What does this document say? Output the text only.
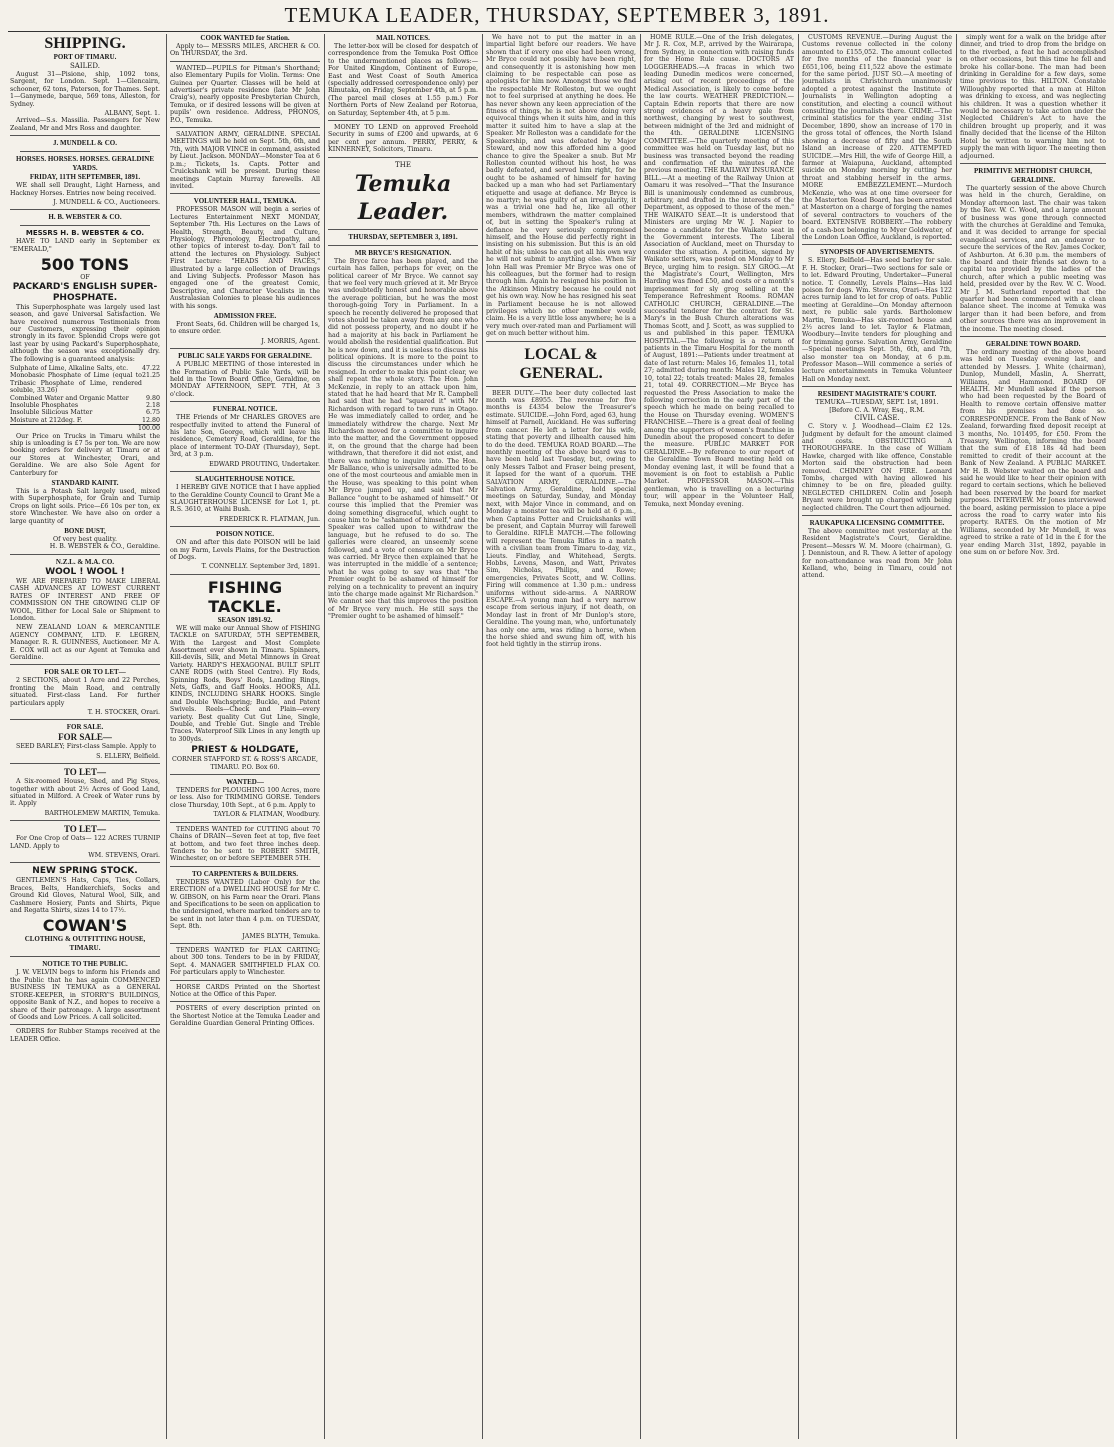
TEMUKA LEADER, THURSDAY, SEPTEMBER 3, 1891.
SHIPPING.
PORT OF TIMARU.
SAILED.

August 31—Pisione, ship, 1092 tons, Sargent, for London. Sept. 1—Glencairn, schooner, 62 tons, Paterson, for Thames. Sept. 1—Ganymede, barque, 569 tons, Alleston, for Sydney.

ALBANY, Sept. 1.

Arrived—S.s. Massilia. Passengers for New Zealand, Mr and Mrs Ross and daughter.

J. MUNDELL & CO.
HORSES. HORSES. HORSES. GERALDINE YARDS.
FRIDAY, 11TH SEPTEMBER, 1891.

WE shall sell Draught, Light Harness, and Hackney Horses. Entries now being received.

J. MUNDELL & CO., Auctioneers.
H. B. WEBSTER & CO.
MESSRS H. B. WEBSTER & CO.

HAVE TO LAND early in September ex "EMERALD,"

500 TONS
OF
PACKARD'S ENGLISH SUPER-PHOSPHATE.

This Superphosphate was largely used last season, and gave Universal Satisfaction. We have received numerous Testimonials from our Customers, expressing their opinion strongly in its favor. Splendid Crops were got last year by using Packard's Superphosphate, although the season was exceptionally dry. The following is a guaranteed analysis:

Sulphate of Lime, Alkaline Salts, etc. 47.22
Monobasic Phosphate of Lime (equal to Tribasic Phosphate of Lime, rendered soluble, 33.26)
21.25
Combined Water and Organic Matter	9.80
Insoluble Phosphates	2.18
Insoluble Silicious Matter	6.75
Moisture at 212deg. F.	12.80
100.00

Our Price on Trucks in Timaru whilst the ship is unloading is £7 5s per ton. We are now booking orders for delivery at Timaru or at our Stores at Winchester, Orari, and Geraldine. We are also Sole Agent for Canterbury for

STANDARD KAINIT.

This is a Potash Salt largely used, mixed with Superphosphate, for Grain and Turnip Crops on light soils. Price—£6 10s per ton, ex store Winchester. We have also on order a large quantity of

BONE DUST,
Of very best quality.
H. B. WEBSTER & CO., Geraldine.
N.Z.L. & M.A. CO.
WOOL ! WOOL !

WE ARE PREPARED TO MAKE LIBERAL CASH ADVANCES AT LOWEST CURRENT RATES OF INTEREST AND FREE OF COMMISSION ON THE GROWING CLIP OF WOOL, Either for Local Sale or Shipment to London.

NEW ZEALAND LOAN & MERCANTILE AGENCY COMPANY, LTD. F. LEGREN, Manager. R. R. GUINNESS, Auctioneer. Mr A. E. COX will act as our Agent at Temuka and Geraldine.

FOR SALE OR TO LET—

2 SECTIONS, about 1 Acre and 22 Perches, fronting the Main Road, and centrally situated. First-class Land. For further particulars apply

T. H. STOCKER, Orari.
FOR SALE.
FOR SALE—

SEED BARLEY; First-class Sample. Apply to

S. ELLERY, Belfield.
TO LET—

A Six-roomed House, Shed, and Pig Styes, together with about 2½ Acres of Good Land, situated in Milford. A Creek of Water runs by it. Apply

BARTHOLEMEW MARTIN, Temuka.
TO LET—

For One Crop of Oats— 122 ACRES TURNIP LAND. Apply to

WM. STEVENS, Orari.
NEW SPRING STOCK.

GENTLEMEN'S Hats, Caps, Ties, Collars, Braces, Belts, Handkerchiefs, Socks and Ground Kid Gloves, Natural Wool, Silk, and Cashmere Hosiery, Pants and Shirts, Pique and Regatta Shirts, sizes 14 to 17½.

COWAN'S
CLOTHING & OUTFITTING HOUSE, TIMARU.
NOTICE TO THE PUBLIC.

J. W. VELVIN begs to inform his Friends and the Public that he has again COMMENCED BUSINESS IN TEMUKA as a GENERAL STORE-KEEPER, in STORRY'S BUILDINGS, opposite Bank of N.Z., and hopes to receive a share of their patronage. A large assortment of Goods and Low Prices. A call solicited.

ORDERS for Rubber Stamps received at the LEADER Office.

COOK WANTED for Station.

Apply to— MESSRS MILES, ARCHER & CO. On THURSDAY, the 3rd.

WANTED—PUPILS for Pitman's Shorthand; also Elementary Pupils for Violin. Terms: One Guinea per Quarter. Classes will be held at advertiser's private residence (late Mr John Craig's), nearly opposite Presbyterian Church, Temuka, or if desired lessons will be given at pupils' own residence. Address, PHONOS, P.O., Temuka.

SALVATION ARMY, GERALDINE. SPECIAL MEETINGS will be held on Sept. 5th, 6th, and 7th, with MAJOR VINCE in command, assisted by Lieut. Jackson. MONDAY—Monster Tea at 6 p.m.; Tickets, 1s. Capts. Potter and Cruickshank will be present. During these meetings Captain Murray farewells. All invited.

VOLUNTEER HALL, TEMUKA.

PROFESSOR MASON will begin a series of Lectures Entertainment NEXT MONDAY, September 7th. His Lectures on the Laws of Health, Strength, Beauty, and Culture, Physiology, Phrenology, Electropathy, and other topics of interest to-day. Don't fail to attend the lectures on Physiology. Subject First Lecture: "HEADS AND FACES," illustrated by a large collection of Drawings and Living Subjects. Professor Mason has engaged one of the greatest Comic, Descriptive, and Character Vocalists in the Australasian Colonies to please his audiences with his songs.

ADMISSION FREE.

Front Seats, 6d. Children will be charged 1s, to ensure order.

J. MORRIS, Agent.
PUBLIC SALE YARDS FOR GERALDINE.

A PUBLIC MEETING of those interested in the Formation of Public Sale Yards, will be held in the Town Board Office, Geraldine, on MONDAY AFTERNOON, SEPT. 7TH, At 3 o'clock.

FUNERAL NOTICE.

THE Friends of Mr CHARLES GROVES are respectfully invited to attend the Funeral of his late Son, George, which will leave his residence, Cemetery Road, Geraldine, for the place of interment TO-DAY (Thursday), Sept. 3rd, at 3 p.m.

EDWARD PROUTING, Undertaker.
SLAUGHTERHOUSE NOTICE.

I HEREBY GIVE NOTICE that I have applied to the Geraldine County Council to Grant Me a SLAUGHTERHOUSE LICENSE for Lot 1, pt. R.S. 3610, at Waihi Bush.

FREDERICK R. FLATMAN, Jun.
POISON NOTICE.

ON and after this date POISON will be laid on my Farm, Levels Plains, for the Destruction of Dogs.

T. CONNELLY. September 3rd, 1891.
FISHING TACKLE.
SEASON 1891-92.

WE will make our Annual Show of FISHING TACKLE on SATURDAY, 5TH SEPTEMBER, With the Largest and Most Complete Assortment ever shown in Timaru. Spinners, Kill-devils, Silk, and Metal Minnows in Great Variety. HARDY'S HEXAGONAL BUILT SPLIT CANE RODS (with Steel Centre). Fly Rods, Spinning Rods, Boys' Rods, Landing Rings, Nets, Gaffs, and Gaff Hooks. HOOKS, ALL KINDS, INCLUDING SHARK HOOKS. Single and Double Wachspring; Buckle, and Patent Swivels. Reels—Check and Plain—every variety. Best quality Cut Gut Line, Single, Double, and Treble Gut. Single and Treble Traces. Waterproof Silk Lines in any length up to 300yds.

PRIEST & HOLDGATE,
CORNER STAFFORD ST. & ROSS'S ARCADE, TIMARU. P.O. Box 60.
WANTED—

TENDERS for PLOUGHING 100 Acres, more or less. Also for TRIMMING GORSE. Tenders close Thursday, 10th Sept., at 6 p.m. Apply to

TAYLOR & FLATMAN, Woodbury.

TENDERS WANTED for CUTTING about 70 Chains of DRAIN—Seven feet at top, five feet at bottom, and two feet three inches deep. Tenders to be sent to ROBERT SMITH, Winchester, on or before SEPTEMBER 5TH.

TO CARPENTERS & BUILDERS.

TENDERS WANTED (Labor Only) for the ERECTION of a DWELLING HOUSE for Mr C. W. GIBSON, on his Farm near the Orari. Plans and Specifications to be seen on application to the undersigned, where marked tenders are to be sent in not later than 4 p.m. on TUESDAY, Sept. 8th.

JAMES BLYTH, Temuka.

TENDERS WANTED for FLAX CARTING; about 300 tons. Tenders to be in by FRIDAY, Sept. 4. MANAGER SMITHFIELD FLAX CO. For particulars apply to Winchester.

HORSE CARDS Printed on the Shortest Notice at the Office of this Paper.

POSTERS of every description printed on the Shortest Notice at the Temuka Leader and Geraldine Guardian General Printing Offices.

MAIL NOTICES.

The letter-box will be closed for despatch of correspondence from the Temuka Post Office to the undermentioned places as follows:— For United Kingdom, Continent of Europe, East and West Coast of South America (specially addressed correspondence only) per Rimutaka, on Friday, September 4th, at 5 p.m. (The parcel mail closes at 1.55 p.m.) For Northern Ports of New Zealand per Rotorua, on Saturday, September 4th, at 5 p.m.

MONEY TO LEND on approved Freehold Security in sums of £200 and upwards, at 6 per cent per annum. PERRY, PERRY, & KINNERNEY, Solicitors, Timaru.

THE
Temuka Leader.
THURSDAY, SEPTEMBER 3, 1891.
MR BRYCE'S RESIGNATION.

The Bryce farce has been played, and the curtain has fallen, perhaps for ever, on the political career of Mr Bryce. We cannot say that we feel very much grieved at it. Mr Bryce was undoubtedly honest and honorable above the average politician, but he was the most thorough-going Tory in Parliament. In a speech he recently delivered he proposed that votes should be taken away from any one who did not possess property, and no doubt if he had a majority at his back in Parliament he would abolish the residential qualification. But he is now down, and it is useless to discuss his political opinions. It is more to the point to discuss the circumstances under which he resigned. In order to make this point clear, we shall repeat the whole story. The Hon. John McKenzie, in reply to an attack upon him, stated that he had heard that Mr R. Campbell had said that he had "squared it" with Mr Richardson with regard to two runs in Otago. He was immediately called to order, and he immediately withdrew the charge. Next Mr Richardson moved for a committee to inquire into the matter, and the Government opposed it, on the ground that the charge had been withdrawn, that therefore it did not exist, and there was nothing to inquire into. The Hon. Mr Ballance, who is universally admitted to be one of the most courteous and amiable men in the House, was speaking to this point when Mr Bryce jumped up, and said that Mr Ballance "ought to be ashamed of himself." Of course this implied that the Premier was doing something disgraceful, which ought to cause him to be "ashamed of himself," and the Speaker was called upon to withdraw the language, but he refused to do so. The galleries were cleared, an unseemly scene followed, and a vote of censure on Mr Bryce was carried. Mr Bryce then explained that he was interrupted in the middle of a sentence; what he was going to say was that "the Premier ought to be ashamed of himself for relying on a technicality to prevent an inquiry into the charge made against Mr Richardson." We cannot see that this improves the position of Mr Bryce very much. He still says the "Premier ought to be ashamed of himself."

We have not to put the matter in an impartial light before our readers. We have shown that if every one else had been wrong, Mr Bryce could not possibly have been right, and consequently it is astonishing how men claiming to be respectable can pose as apologists for him now. Amongst those we find the respectable Mr Rolleston, but we ought not to feel surprised at anything he does. He has never shown any keen appreciation of the fitness of things, he is not above doing very equivocal things when it suits him, and in this matter it suited him to have a slap at the Speaker. Mr Rolleston was a candidate for the Speakership, and was defeated by Major Steward, and now this afforded him a good chance to give the Speaker a snub. But Mr Rolleston counted without his host, he was badly defeated, and served him right, for he ought to be ashamed of himself for having backed up a man who had set Parliamentary etiquette and usage at defiance. Mr Bryce is no martyr; he was guilty of an irregularity, it was a trivial one had he, like all other members, withdrawn the matter complained of, but in setting the Speaker's ruling at defiance he very seriously compromised himself, and the House did perfectly right in insisting on his submission. But this is an old habit of his; unless he can get all his own way he will not submit to anything else. When Sir John Hall was Premier Mr Bryce was one of his colleagues, but the former had to resign through him. Again he resigned his position in the Atkinson Ministry because he could not get his own way. Now he has resigned his seat in Parliament because he is not allowed privileges which no other member would claim. He is a very little loss anywhere; he is a very much over-rated man and Parliament will get on much better without him.

LOCAL & GENERAL.

BEER DUTY.—The beer duty collected last month was £8955. The revenue for five months is £4354 below the Treasurer's estimate. SUICIDE.—John Ford, aged 63, hung himself at Parnell, Auckland. He was suffering from cancer. He left a letter for his wife, stating that poverty and illhealth caused him to do the deed. TEMUKA ROAD BOARD.—The monthly meeting of the above board was to have been held last Tuesday, but, owing to only Messrs Talbot and Fraser being present, it lapsed for the want of a quorum. THE SALVATION ARMY, GERALDINE.—The Salvation Army, Geraldine, hold special meetings on Saturday, Sunday, and Monday next, with Major Vince in command, and on Monday a monster tea will be held at 6 p.m., when Captains Potter and Cruickshanks will be present, and Captain Murray will farewell to Geraldine. RIFLE MATCH.—The following will represent the Temuka Rifles in a match with a civilian team from Timaru to-day, viz., Lieuts. Findlay, and Whitehead, Sergts. Hobbs, Levens, Mason, and Watt, Privates Sim, Nicholas, Philips, and Rowe; emergencies, Privates Scott, and W. Collins. Firing will commence at 1.30 p.m.: undress uniforms without side-arms. A NARROW ESCAPE.—A young man had a very narrow escape from serious injury, if not death, on Monday last in front of Mr Dunlop's store, Geraldine. The young man, who, unfortunately has only one arm, was riding a horse, when the horse shied and swung him off, with his foot held tightly in the stirrup irons.

HOME RULE.—One of the Irish delegates, Mr J. R. Cox, M.P., arrived by the Wairarapa, from Sydney, in connection with raising funds for the Home Rule cause. DOCTORS AT LOGGERHEADS.—A fracas in which two leading Dunedin medicos were concerned, arising out of recent proceedings of the Medical Association, is likely to come before the law courts. WEATHER PREDICTION.—Captain Edwin reports that there are now strong evidences of a heavy gale from northwest, changing by west to southwest, between midnight of the 3rd and midnight of the 4th. GERALDINE LICENSING COMMITTEE.—The quarterly meeting of this committee was held on Tuesday last, but no business was transacted beyond the reading and confirmation of the minutes of the previous meeting. THE RAILWAY INSURANCE BILL.—At a meeting of the Railway Union at Oamaru it was resolved—"That the Insurance Bill is unanimously condemned as cumbrous, arbitrary, and drafted in the interests of the Department, as opposed to those of the men." THE WAIKATO SEAT.—It is understood that Ministers are urging Mr W. J. Napier to become a candidate for the Waikato seat in the Government interests. The Liberal Association of Auckland, meet on Thursday to consider the situation. A petition, signed by Waikato settlers, was posted on Monday to Mr Bryce, urging him to resign. SLY GROG.—At the Magistrate's Court, Wellington, Mrs Harding was fined £50, and costs or a month's imprisonment for sly grog selling at the Temperance Refreshment Rooms. ROMAN CATHOLIC CHURCH, GERALDINE.—The successful tenderer for the contract for St. Mary's in the Bush Church alterations was Thomas Scott, and J. Scott, as was supplied to us and published in this paper. TEMUKA HOSPITAL.—The following is a return of patients in the Timaru Hospital for the month of August, 1891:—Patients under treatment at date of last return: Males 16, females 11, total 27; admitted during month: Males 12, females 10, total 22; totals treated: Males 28, females 21, total 49. CORRECTION.—Mr Bryce has requested the Press Association to make the following correction in the early part of the speech which he made on being recalled to the House on Thursday evening. WOMEN'S FRANCHISE.—There is a great deal of feeling among the supporters of women's franchise in Dunedin about the proposed concert to defer the measure. PUBLIC MARKET FOR GERALDINE.—By reference to our report of the Geraldine Town Board meeting held on Monday evening last, it will be found that a movement is on foot to establish a Public Market. PROFESSOR MASON.—This gentleman, who is travelling on a lecturing tour, will appear in the Volunteer Hall, Temuka, next Monday evening.

CUSTOMS REVENUE.—During August the Customs revenue collected in the colony amounted to £155,052. The amount collected for five months of the financial year is £651,106, being £11,522 above the estimate for the same period. JUST SO.—A meeting of journalists in Christchurch unanimously adopted a protest against the Institute of Journalists in Wellington adopting a constitution, and electing a council without consulting the journalists there. CRIME.—The criminal statistics for the year ending 31st December, 1890, show an increase of 170 in the gross total of offences, the North Island showing a decrease of fifty and the South Island an increase of 220. ATTEMPTED SUICIDE.—Mrs Hill, the wife of George Hill, a farmer at Waiapuna, Auckland, attempted suicide on Monday morning by cutting her throat and stabbing herself in the arms. MORE EMBEZZLEMENT.—Murdoch McKenzie, who was at one time overseer for the Masterton Road Board, has been arrested at Masterton on a charge of forging the names of several contractors to vouchers of the board. EXTENSIVE ROBBERY.—The robbery of a cash-box belonging to Myer Goldwater, of the London Loan Office, Auckland, is reported.

SYNOPSIS OF ADVERTISEMENTS.

S. Ellery, Belfield—Has seed barley for sale. F. H. Stocker, Orari—Two sections for sale or to let. Edward Prouting, Undertaker—Funeral notice. T. Connelly, Levels Plains—Has laid poison for dogs. Wm. Stevens, Orari—Has 122 acres turnip land to let for crop of oats. Public meeting at Geraldine—On Monday afternoon next, re public sale yards. Bartholomew Martin, Temuka—Has six-roomed house and 2½ acres land to let. Taylor & Flatman, Woodbury—Invite tenders for ploughing and for trimming gorse. Salvation Army, Geraldine—Special meetings Sept. 5th, 6th, and 7th, also monster tea on Monday, at 6 p.m. Professor Mason—Will commence a series of lecture entertainments in Temuka Volunteer Hall on Monday next.

RESIDENT MAGISTRATE'S COURT.
TEMUKA—TUESDAY, SEPT. 1st, 1891.
[Before C. A. Wray, Esq., R.M.
CIVIL CASE.

C. Story v. J. Woodhead—Claim £2 12s. Judgment by default for the amount claimed and costs. OBSTRUCTING A THOROUGHFARE. In the case of William Hawke, charged with like offence, Constable Morton said the obstruction had been removed. CHIMNEY ON FIRE. Leonard Tombs, charged with having allowed his chimney to be on fire, pleaded guilty. NEGLECTED CHILDREN. Colin and Joseph Bryant were brought up charged with being neglected children. The Court then adjourned.

RAUKAPUKA LICENSING COMMITTEE.

The above committee met yesterday at the Resident Magistrate's Court, Geraldine. Present—Messrs W. M. Moore (chairman), G. J. Dennistoun, and R. Thew. A letter of apology for non-attendance was read from Mr John Kelland, who, being in Timaru, could not attend.

simply went for a walk on the bridge after dinner, and tried to drop from the bridge on to the riverbed, a feat he had accomplished on other occasions, but this time he fell and broke his collar-bone. The man had been drinking in Geraldine for a few days, some time previous to this. HILTON. Constable Willoughby reported that a man at Hilton was drinking to excess, and was neglecting his children. It was a question whether it would be necessary to take action under the Neglected Children's Act to have the children brought up properly, and it was finally decided that the license of the Hilton Hotel be written to warning him not to supply the man with liquor. The meeting then adjourned.

PRIMITIVE METHODIST CHURCH, GERALDINE.

The quarterly session of the above Church was held in the church, Geraldine, on Monday afternoon last. The chair was taken by the Rev. W. C. Wood, and a large amount of business was gone through connected with the churches at Geraldine and Temuka, and it was decided to arrange for special evangelical services, and an endeavor to secure the services of the Rev. James Cocker, of Ashburton. At 6.30 p.m. the members of the board and their friends sat down to a capital tea provided by the ladies of the church, after which a public meeting was held, presided over by the Rev. W. C. Wood. Mr J. M. Sutherland reported that the quarter had been commenced with a clean balance sheet. The income at Temuka was larger than it had been before, and from other sources there was an improvement in the income. The meeting closed.

GERALDINE TOWN BOARD.

The ordinary meeting of the above board was held on Tuesday evening last, and attended by Messrs. J. White (chairman), Dunlop, Mundell, Maslin, A. Sherratt, Williams, and Hammond. BOARD OF HEALTH. Mr Mundell asked if the person who had been requested by the Board of Health to remove certain offensive matter from his premises had done so. CORRESPONDENCE. From the Bank of New Zealand, forwarding fixed deposit receipt at 3 months, No. 101495, for £50. From the Treasury, Wellington, informing the board that the sum of £18 18s 4d had been remitted to credit of their account at the Bank of New Zealand. A PUBLIC MARKET. Mr H. B. Webster waited on the board and said he would like to hear their opinion with regard to certain sections, which he believed had been reserved by the board for market purposes. INTERVIEW. Mr Jones interviewed the board, asking permission to place a pipe across the road to carry water into his property. RATES. On the motion of Mr Williams, seconded by Mr Mundell, it was agreed to strike a rate of 1d in the £ for the year ending March 31st, 1892, payable in one sum on or before Nov. 3rd.
